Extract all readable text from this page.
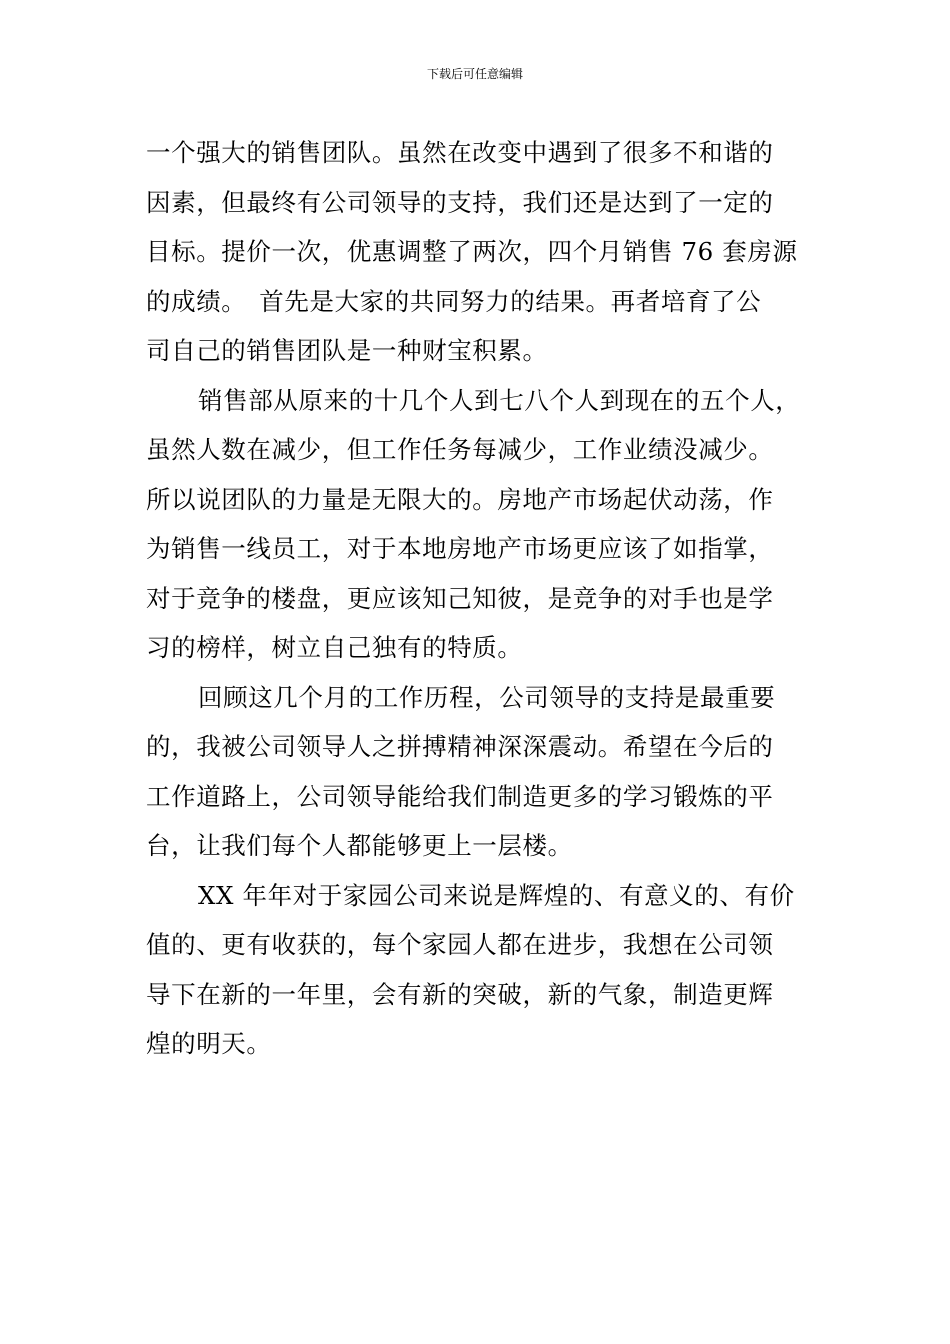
下载后可任意编辑

一个强大的销售团队。虽然在改变中遇到了很多不和谐的
因素，但最终有公司领导的支持，我们还是达到了一定的
目标。提价一次，优惠调整了两次，四个月销售 76 套房源
的成绩。　首先是大家的共同努力的结果。再者培育了公
司自己的销售团队是一种财宝积累。

销售部从原来的十几个人到七八个人到现在的五个人，
虽然人数在减少，但工作任务每减少，工作业绩没减少。
所以说团队的力量是无限大的。房地产市场起伏动荡，作
为销售一线员工，对于本地房地产市场更应该了如指掌，
对于竞争的楼盘，更应该知己知彼，是竞争的对手也是学
习的榜样，树立自己独有的特质。

回顾这几个月的工作历程，公司领导的支持是最重要
的，我被公司领导人之拼搏精神深深震动。希望在今后的
工作道路上，公司领导能给我们制造更多的学习锻炼的平
台，让我们每个人都能够更上一层楼。

XX 年年对于家园公司来说是辉煌的、有意义的、有价
值的、更有收获的，每个家园人都在进步，我想在公司领
导下在新的一年里，会有新的突破，新的气象，制造更辉
煌的明天。
